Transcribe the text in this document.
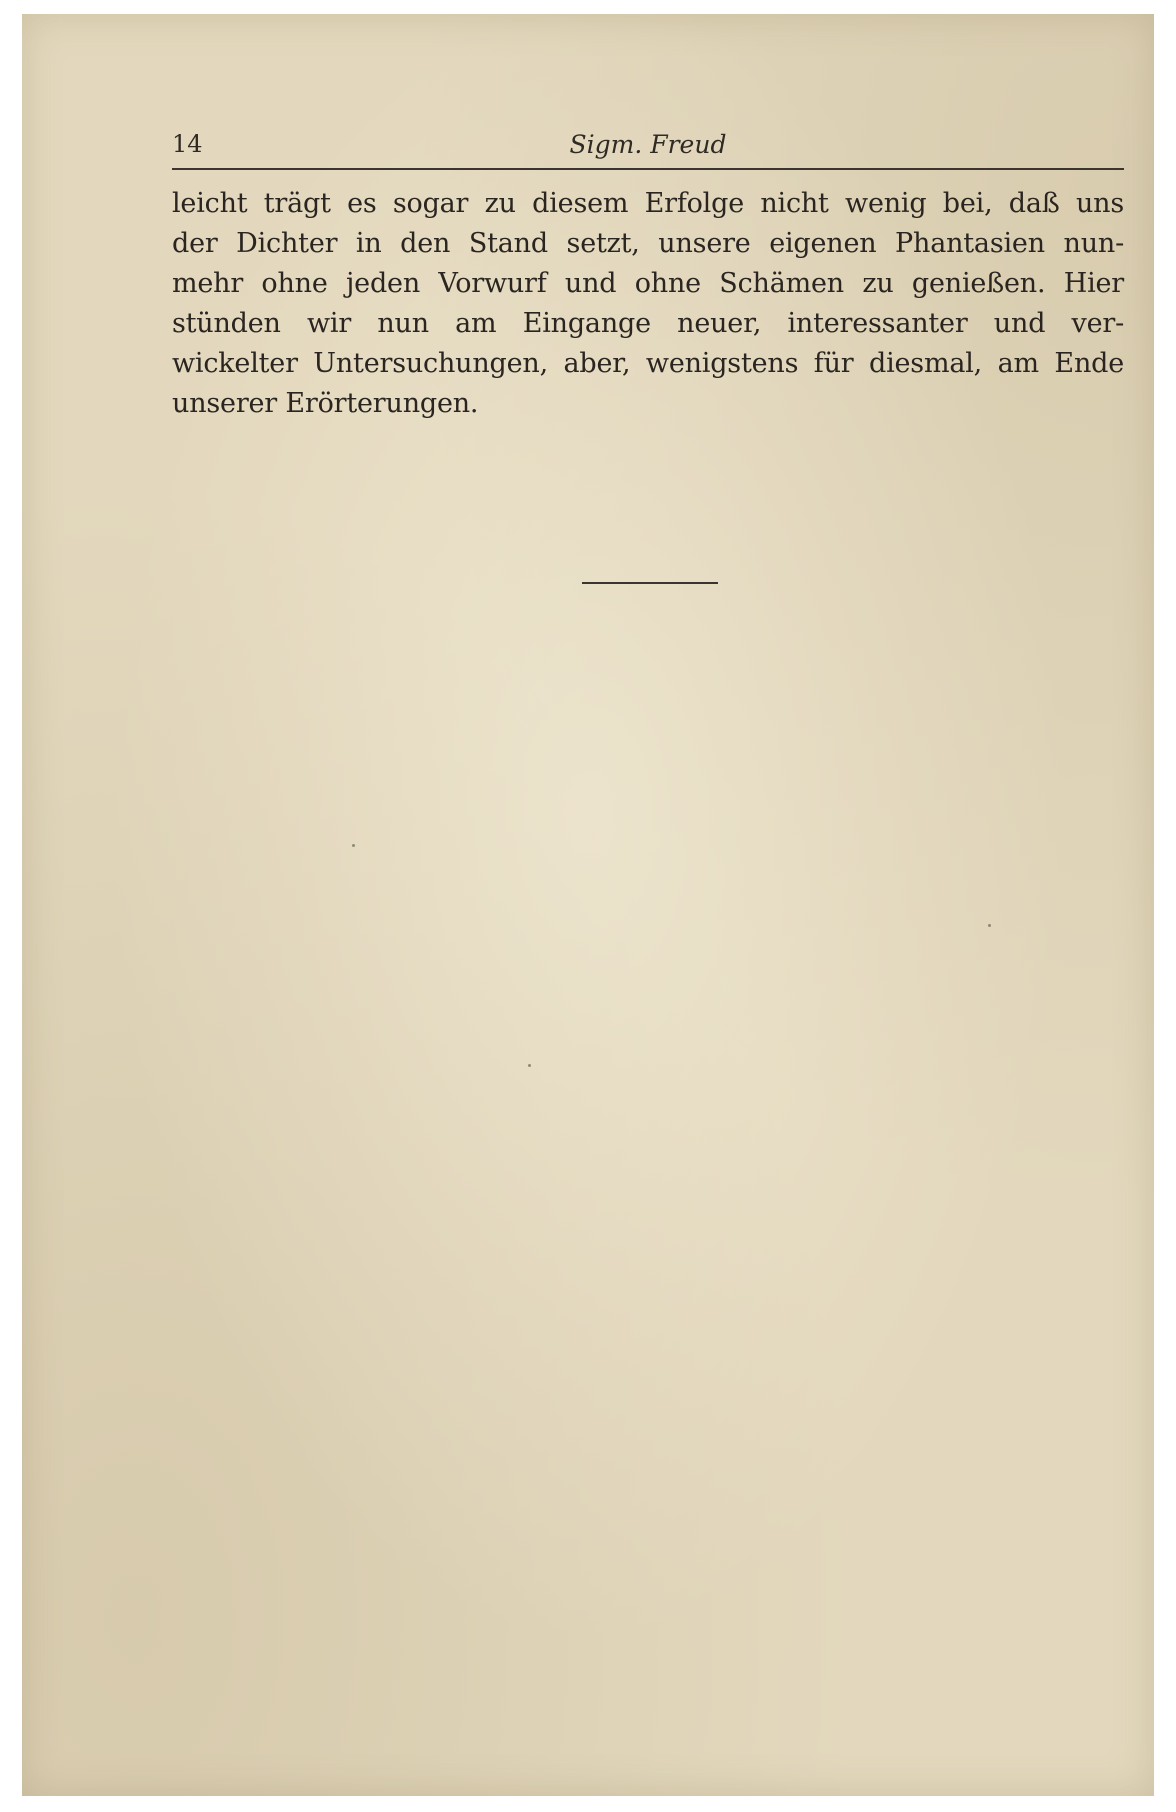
14	Sigm. Freud

leicht trägt es sogar zu diesem Erfolge nicht wenig bei, daß uns
der Dichter in den Stand setzt, unsere eigenen Phantasien nun-
mehr ohne jeden Vorwurf und ohne Schämen zu genießen. Hier
stünden wir nun am Eingange neuer, interessanter und ver-
wickelter Untersuchungen, aber, wenigstens für diesmal, am Ende
unserer Erörterungen.
